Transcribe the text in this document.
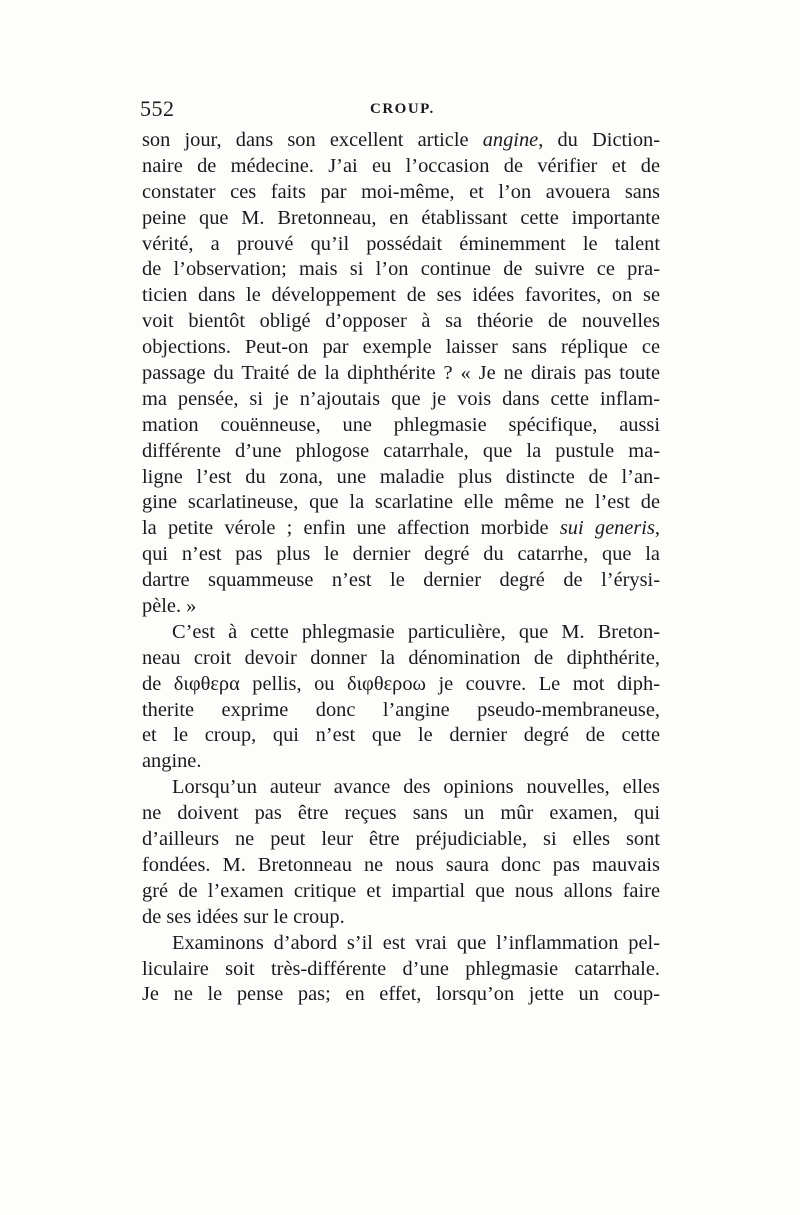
552	CROUP.
son jour, dans son excellent article angine, du Diction-
naire de médecine. J’ai eu l’occasion de vérifier et de
constater ces faits par moi-même, et l’on avouera sans
peine que M. Bretonneau, en établissant cette importante
vérité, a prouvé qu’il possédait éminemment le talent
de l’observation; mais si l’on continue de suivre ce pra-
ticien dans le développement de ses idées favorites, on se
voit bientôt obligé d’opposer à sa théorie de nouvelles
objections. Peut-on par exemple laisser sans réplique ce
passage du Traité de la diphthérite ? « Je ne dirais pas toute
ma pensée, si je n’ajoutais que je vois dans cette inflam-
mation couënneuse, une phlegmasie spécifique, aussi
différente d’une phlogose catarrhale, que la pustule ma-
ligne l’est du zona, une maladie plus distincte de l’an-
gine scarlatineuse, que la scarlatine elle même ne l’est de
la petite vérole ; enfin une affection morbide sui generis,
qui n’est pas plus le dernier degré du catarrhe, que la
dartre squammeuse n’est le dernier degré de l’érysi-
pèle. »
C’est à cette phlegmasie particulière, que M. Breton-
neau croit devoir donner la dénomination de diphthérite,
de διφθερα pellis, ou διφθεροω je couvre. Le mot diph-
therite exprime donc l’angine pseudo-membraneuse,
et le croup, qui n’est que le dernier degré de cette
angine.
Lorsqu’un auteur avance des opinions nouvelles, elles
ne doivent pas être reçues sans un mûr examen, qui
d’ailleurs ne peut leur être préjudiciable, si elles sont
fondées. M. Bretonneau ne nous saura donc pas mauvais
gré de l’examen critique et impartial que nous allons faire
de ses idées sur le croup.
Examinons d’abord s’il est vrai que l’inflammation pel-
liculaire soit très-différente d’une phlegmasie catarrhale.
Je ne le pense pas; en effet, lorsqu’on jette un coup-
